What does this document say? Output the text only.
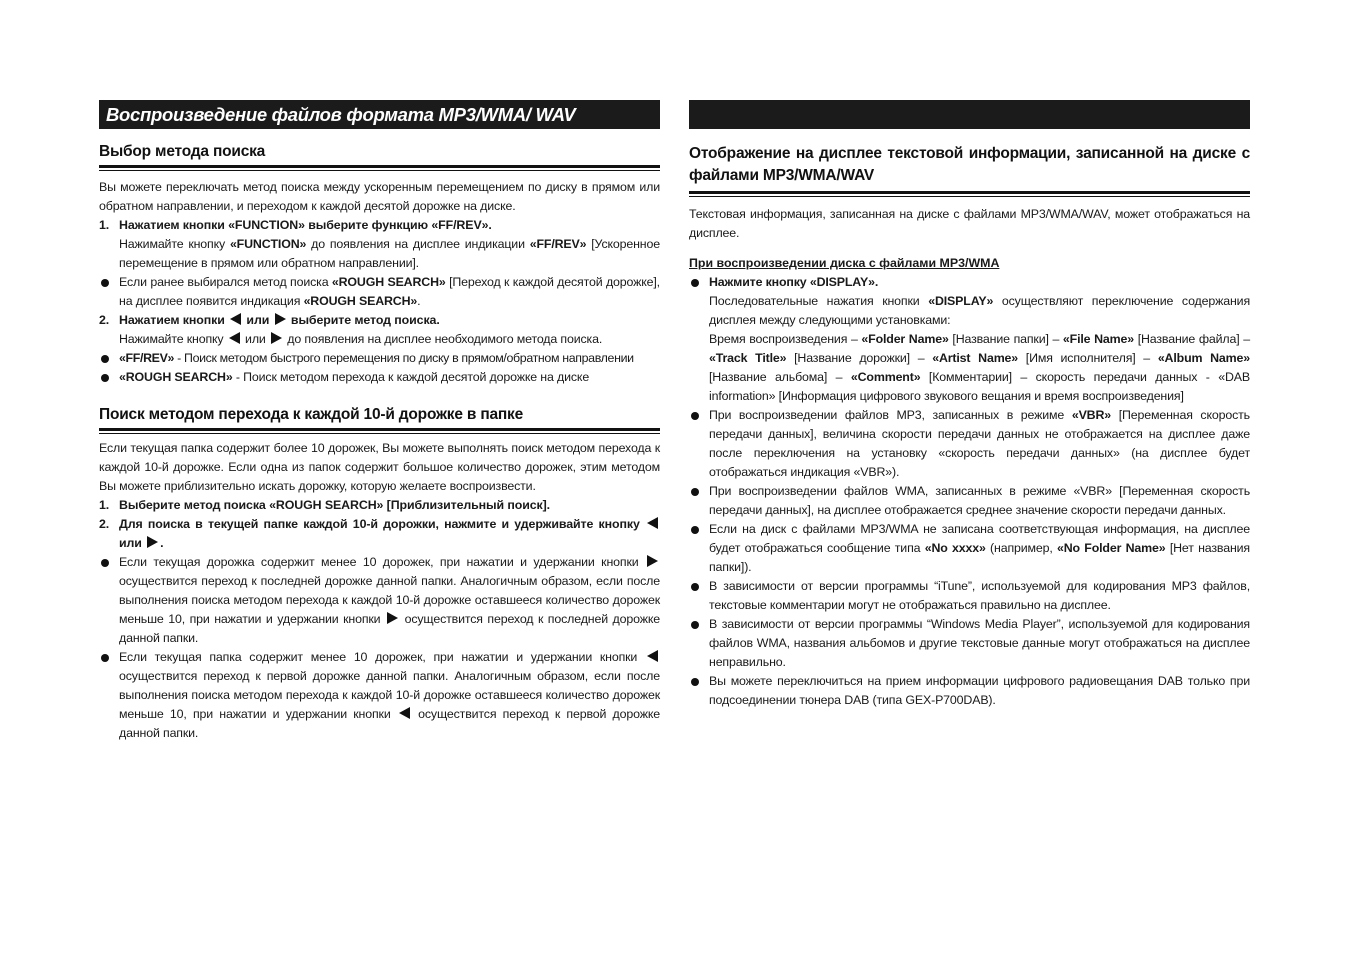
Воспроизведение файлов формата MP3/WMA/ WAV
Выбор метода поиска
Вы можете переключать метод поиска между ускоренным перемещением по диску в прямом или обратном направлении, и переходом к каждой десятой дорожке на диске.
1. Нажатием кнопки «FUNCTION» выберите функцию «FF/REV».
Нажимайте кнопку «FUNCTION» до появления на дисплее индикации «FF/REV» [Ускоренное перемещение в прямом или обратном направлении].
Если ранее выбирался метод поиска «ROUGH SEARCH» [Переход к каждой десятой дорожке], на дисплее появится индикация «ROUGH SEARCH».
2. Нажатием кнопки  или  выберите метод поиска.
Нажимайте кнопку  или  до появления на дисплее необходимого метода поиска.
«FF/REV» - Поиск методом быстрого перемещения по диску в прямом/обратном направлении
«ROUGH SEARCH» - Поиск методом перехода к каждой десятой дорожке на диске
Поиск методом перехода к каждой 10-й дорожке в папке
Если текущая папка содержит более 10 дорожек, Вы можете выполнять поиск методом перехода к каждой 10-й дорожке. Если одна из папок содержит большое количество дорожек, этим методом Вы можете приблизительно искать дорожку, которую желаете воспроизвести.
1. Выберите метод поиска «ROUGH SEARCH» [Приблизительный поиск].
2. Для поиска в текущей папке каждой 10-й дорожки, нажмите и удерживайте кнопку  или .
Если текущая дорожка содержит менее 10 дорожек, при нажатии и удержании кнопки  осуществится переход к последней дорожке данной папки. Аналогичным образом, если после выполнения поиска методом перехода к каждой 10-й дорожке оставшееся количество дорожек меньше 10, при нажатии и удержании кнопки  осуществится переход к последней дорожке данной папки.
Если текущая папка содержит менее 10 дорожек, при нажатии и удержании кнопки  осуществится переход к первой дорожке данной папки. Аналогичным образом, если после выполнения поиска методом перехода к каждой 10-й дорожке оставшееся количество дорожек меньше 10, при нажатии и удержании кнопки  осуществится переход к первой дорожке данной папки.
Отображение на дисплее текстовой информации, записанной на диске с файлами MP3/WMA/WAV
Текстовая информация, записанная на диске с файлами MP3/WMA/WAV, может отображаться на дисплее.
При воспроизведении диска с файлами MP3/WMA
Нажмите кнопку «DISPLAY».
Последовательные нажатия кнопки «DISPLAY» осуществляют переключение содержания дисплея между следующими установками:
Время воспроизведения – «Folder Name» [Название папки] – «File Name» [Название файла] – «Track Title» [Название дорожки] – «Artist Name» [Имя исполнителя] – «Album Name» [Название альбома] – «Comment» [Комментарии] – скорость передачи данных - «DAB information» [Информация цифрового звукового вещания и время воспроизведения]
При воспроизведении файлов MP3, записанных в режиме «VBR» [Переменная скорость передачи данных], величина скорости передачи данных не отображается на дисплее даже после переключения на установку «скорость передачи данных» (на дисплее будет отображаться индикация «VBR»).
При воспроизведении файлов WMA, записанных в режиме «VBR» [Переменная скорость передачи данных], на дисплее отображается среднее значение скорости передачи данных.
Если на диск с файлами MP3/WMA не записана соответствующая информация, на дисплее будет отображаться сообщение типа «No xxxx» (например, «No Folder Name» [Нет названия папки]).
В зависимости от версии программы “iTune”, используемой для кодирования MP3 файлов, текстовые комментарии могут не отображаться правильно на дисплее.
В зависимости от версии программы “Windows Media Player”, используемой для кодирования файлов WMA, названия альбомов и другие текстовые данные могут отображаться на дисплее неправильно.
Вы можете переключиться на прием информации цифрового радиовещания DAB только при подсоединении тюнера DAB (типа GEX-P700DAB).
